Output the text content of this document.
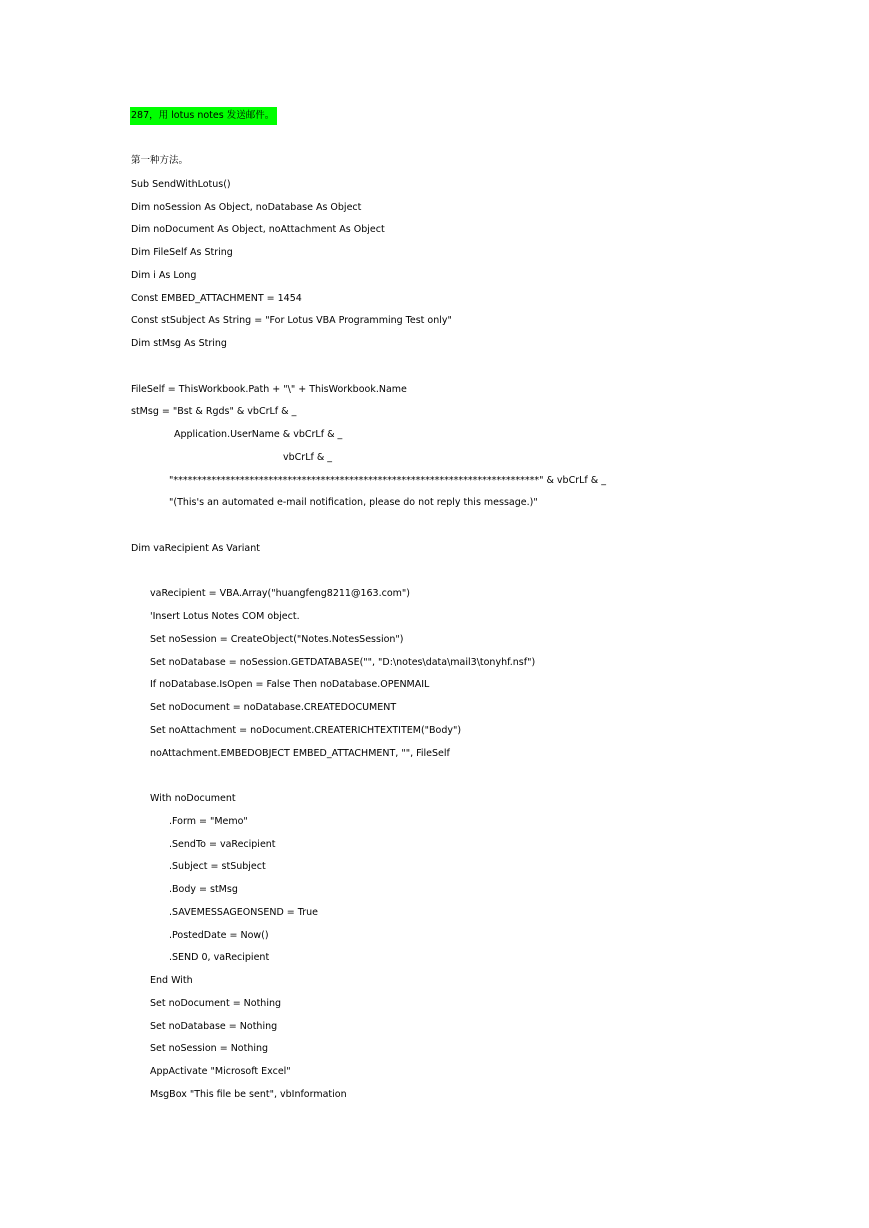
287，用 lotus notes 发送邮件。
第一种方法。
Sub SendWithLotus()
Dim noSession As Object, noDatabase As Object
Dim noDocument As Object, noAttachment As Object
Dim FileSelf As String
Dim i As Long
Const EMBED_ATTACHMENT = 1454
Const stSubject As String = "For Lotus VBA Programming Test only"
Dim stMsg As String
FileSelf = ThisWorkbook.Path + "\" + ThisWorkbook.Name
stMsg = "Bst & Rgds" & vbCrLf & _
Application.UserName & vbCrLf & _
vbCrLf & _
"*****************************************************************************" & vbCrLf & _
"(This's an automated e-mail notification, please do not reply this message.)"
Dim vaRecipient As Variant
vaRecipient = VBA.Array("huangfeng8211@163.com")
'Insert Lotus Notes COM object.
Set noSession = CreateObject("Notes.NotesSession")
Set noDatabase = noSession.GETDATABASE("", "D:\notes\data\mail3\tonyhf.nsf")
If noDatabase.IsOpen = False Then noDatabase.OPENMAIL
Set noDocument = noDatabase.CREATEDOCUMENT
Set noAttachment = noDocument.CREATERICHTEXTITEM("Body")
noAttachment.EMBEDOBJECT EMBED_ATTACHMENT, "", FileSelf
With noDocument
.Form = "Memo"
.SendTo = vaRecipient
.Subject = stSubject
.Body = stMsg
.SAVEMESSAGEONSEND = True
.PostedDate = Now()
.SEND 0, vaRecipient
End With
Set noDocument = Nothing
Set noDatabase = Nothing
Set noSession = Nothing
AppActivate "Microsoft Excel"
MsgBox "This file be sent", vbInformation
